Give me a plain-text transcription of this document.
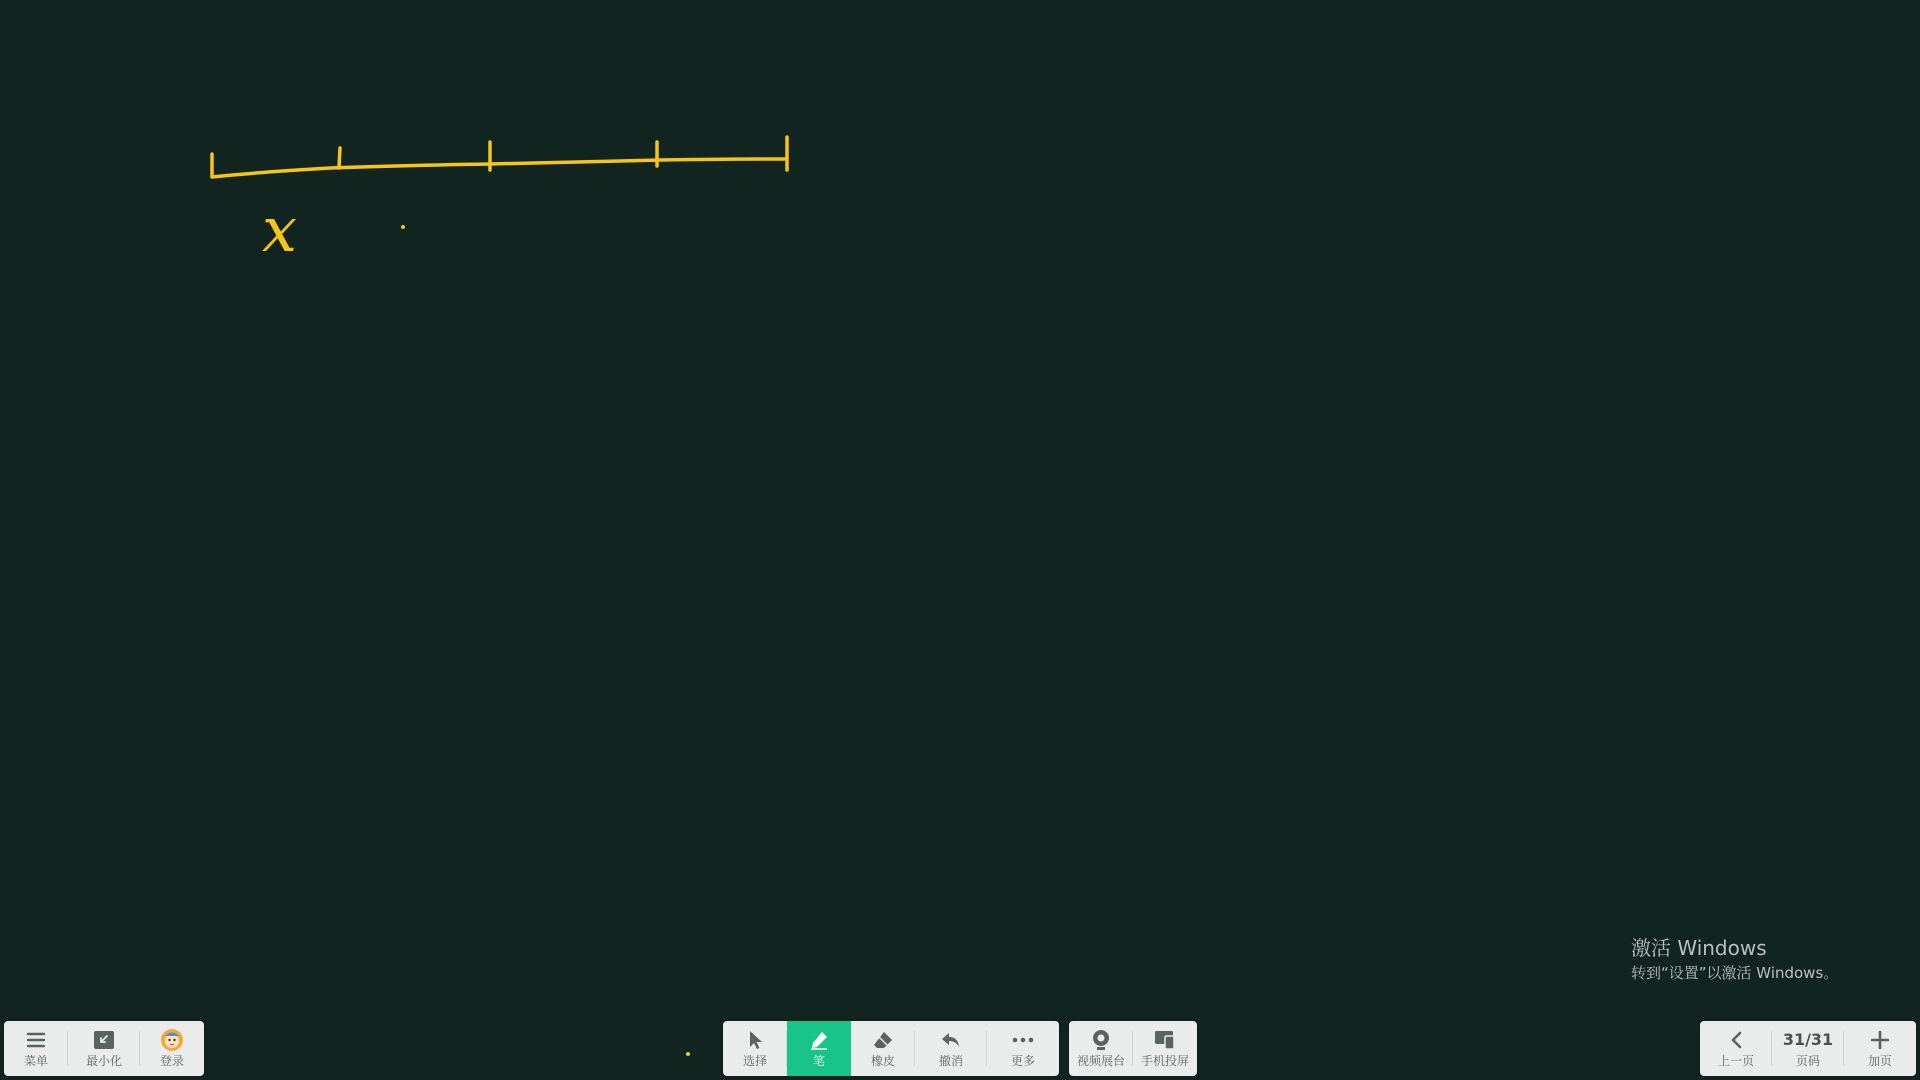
x
激活 Windows
转到“设置”以激活 Windows。
菜单	最小化	登录	选择	笔	橡皮	撤消	更多	视频展台 手机投屏	上一页
31/31
页码	加页
